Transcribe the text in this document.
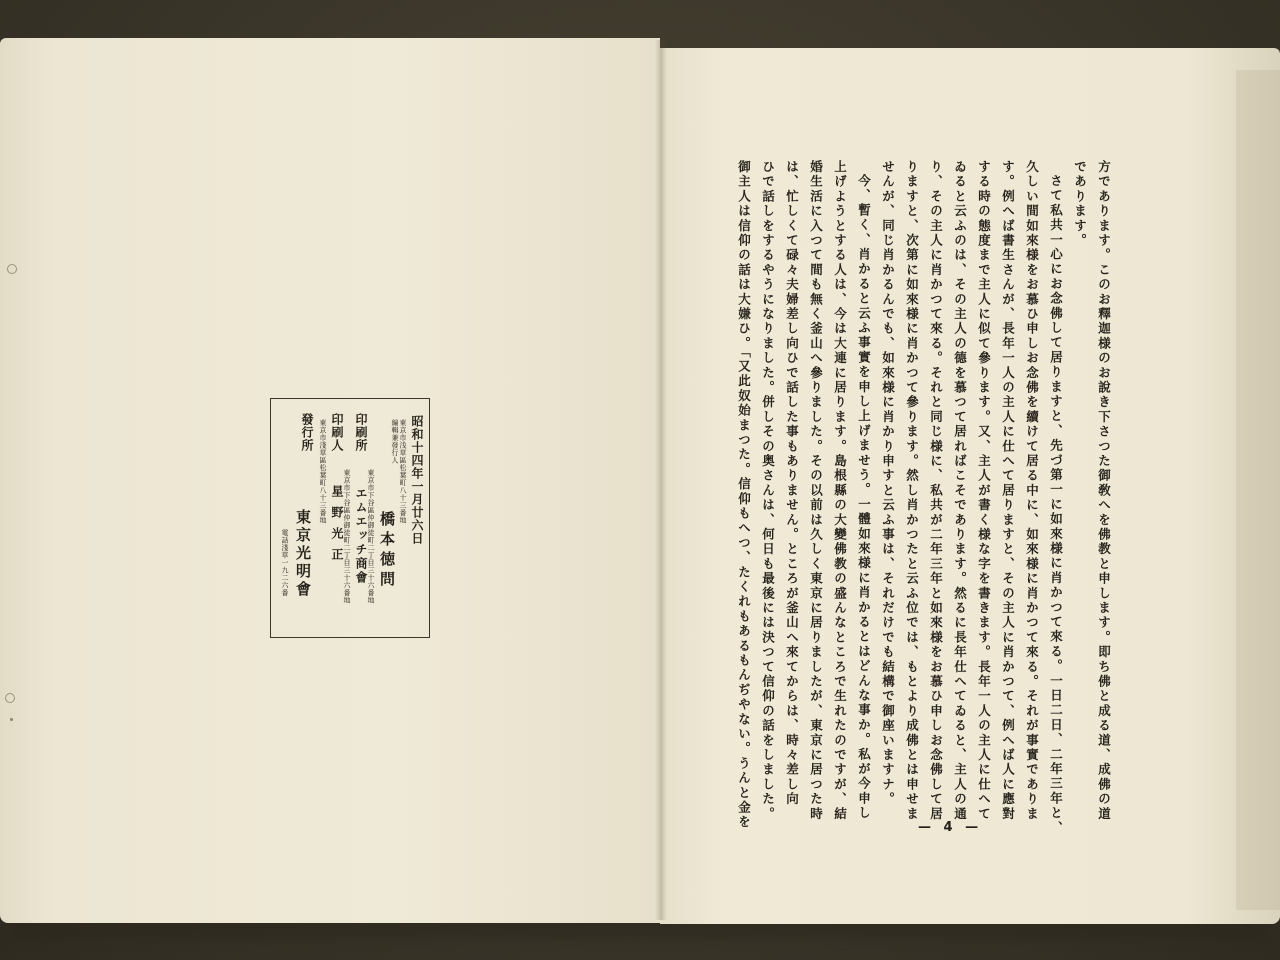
昭和十四年一月廿六日
東京市浅草區松葉町八十三番地
編輯兼發行人
橋本徳問
東京市下谷區仲御徒町二丁目三十六番地
印刷所
エムエッチ商會
東京市下谷區仲御徒町二丁目三十六番地
印刷人
星野光正
東京市淺草區松葉町八十三番地
發行所
東京光明會
電話淺草一九二六番	方であります。このお釋迦様のお說き下さつた御敎へを佛教と申します。即ち佛と成る道、成佛の道
であります。
さて私共一心にお念佛して居りますと、先づ第一に如來様に肖かつて來る。一日二日、二年三年と、
久しい間如來様をお慕ひ申しお念佛を續けて居る中に、如來様に肖かつて來る。それが事實でありま
す。例へば書生さんが、長年一人の主人に仕へて居りますと、その主人に肖かつて、例へば人に應對
する時の態度まで主人に似て參ります。又、主人が書く様な字を書きます。長年一人の主人に仕へて
ゐると云ふのは、その主人の德を慕つて居ればこそであります。然るに長年仕へてゐると、主人の通
り、その主人に肖かつて來る。それと同じ様に、私共が二年三年と如來様をお慕ひ申しお念佛して居
りますと、次第に如來様に肖かつて參ります。然し肖かつたと云ふ位では、もとより成佛とは申せま
せんが、同じ肖かるんでも、如來様に肖かり申すと云ふ事は、それだけでも結構で御座いますナ。
今、暫く、肖かると云ふ事實を申し上げませう。一體如來様に肖かるとはどんな事か。私が今申し
上げようとする人は、今は大連に居ります。島根縣の大變佛教の盛んなところで生れたのですが、結
婚生活に入つて間も無く釜山へ參りました。その以前は久しく東京に居りましたが、東京に居つた時
は、忙しくて碌々夫婦差し向ひで話した事もありません。ところが釜山へ來てからは、時々差し向
ひで話しをするやうになりました。併しその奥さんは、何日も最後には決つて信仰の話をしました。
御主人は信仰の話は大嫌ひ。「又此奴始まつた。信仰もへつ、たくれもあるもんぢやない。うんと金を	— 4 —
